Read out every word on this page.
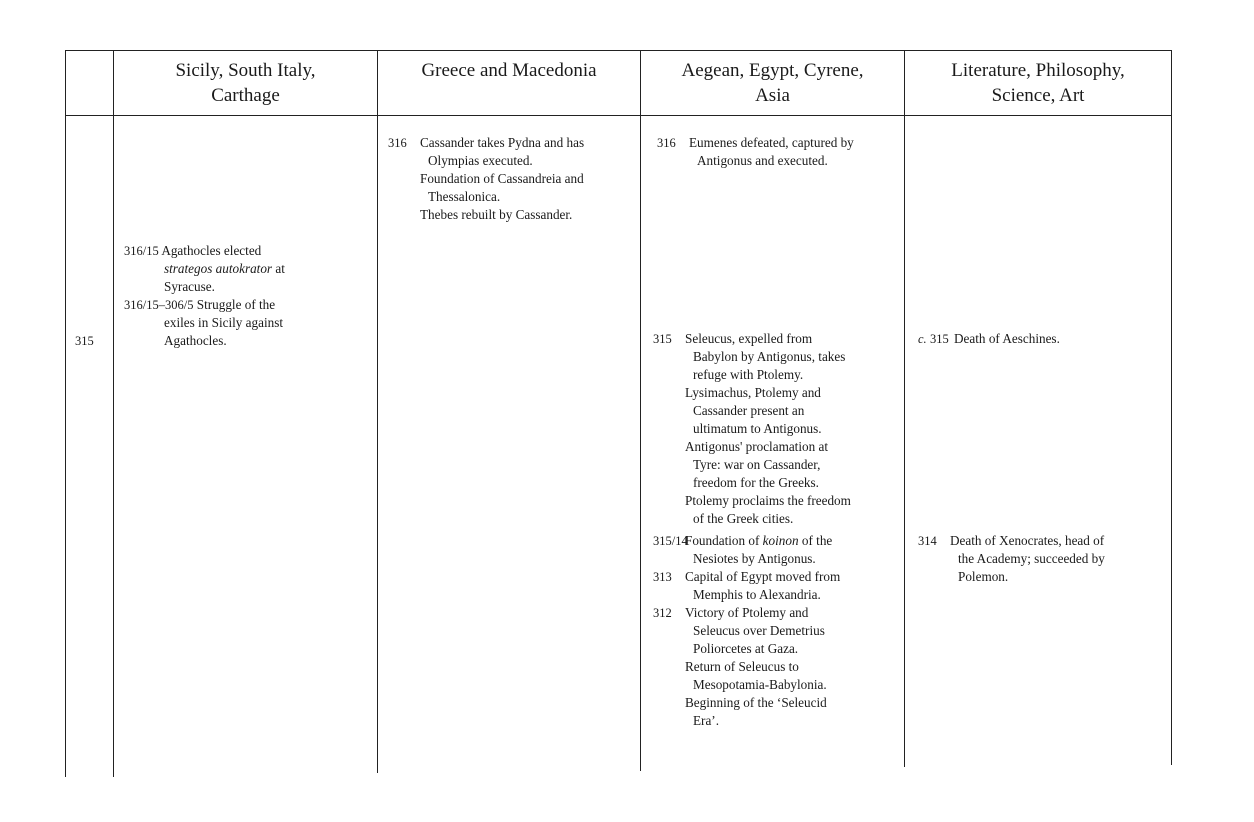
Sicily, South Italy,
Carthage
Greece and Macedonia	Aegean, Egypt, Cyrene,
Asia
Literature, Philosophy,
Science, Art
315
316 Cassander takes Pydna and has
Olympias executed.
Foundation of Cassandreia and
Thessalonica.
Thebes rebuilt by Cassander.
316 Eumenes defeated, captured by
Antigonus and executed.
315 Seleucus, expelled from
Babylon by Antigonus, takes
refuge with Ptolemy.
Lysimachus, Ptolemy and
Cassander present an
ultimatum to Antigonus.
Antigonus' proclamation at
Tyre: war on Cassander,
freedom for the Greeks.
Ptolemy proclaims the freedom
of the Greek cities.
315/14
Foundation of koinon of the
Nesiotes by Antigonus.
313 Capital of Egypt moved from
Memphis to Alexandria.
312 Victory of Ptolemy and
Seleucus over Demetrius
Poliorcetes at Gaza.
Return of Seleucus to
Mesopotamia-Babylonia.
Beginning of the ‘Seleucid
Era’.
316/15 Agathocles elected
strategos autokrator at
Syracuse.
316/15–306/5 Struggle of the
exiles in Sicily against
Agathocles.	c. 315 Death of Aeschines.
314 Death of Xenocrates, head of
the Academy; succeeded by
Polemon.
